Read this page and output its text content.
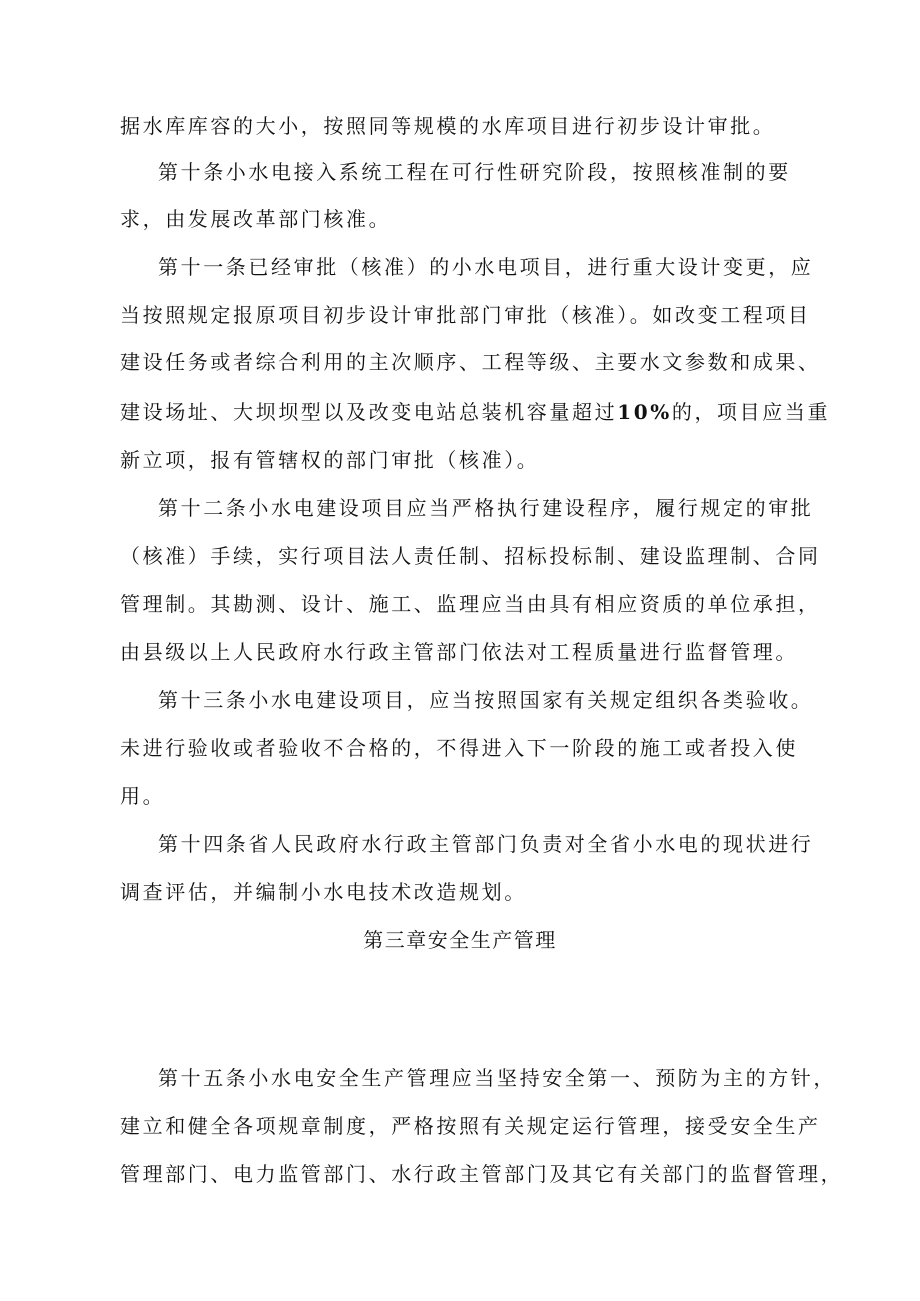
据水库库容的大小，按照同等规模的水库项目进行初步设计审批。
第十条小水电接入系统工程在可行性研究阶段，按照核准制的要
求，由发展改革部门核准。
第十一条已经审批（核准）的小水电项目，进行重大设计变更，应
当按照规定报原项目初步设计审批部门审批（核准）。如改变工程项目
建设任务或者综合利用的主次顺序、工程等级、主要水文参数和成果、
建设场址、大坝坝型以及改变电站总装机容量超过10%的，项目应当重
新立项，报有管辖权的部门审批（核准）。
第十二条小水电建设项目应当严格执行建设程序，履行规定的审批
（核准）手续，实行项目法人责任制、招标投标制、建设监理制、合同
管理制。其勘测、设计、施工、监理应当由具有相应资质的单位承担，
由县级以上人民政府水行政主管部门依法对工程质量进行监督管理。
第十三条小水电建设项目，应当按照国家有关规定组织各类验收。
未进行验收或者验收不合格的，不得进入下一阶段的施工或者投入使
用。
第十四条省人民政府水行政主管部门负责对全省小水电的现状进行
调查评估，并编制小水电技术改造规划。
第三章安全生产管理
第十五条小水电安全生产管理应当坚持安全第一、预防为主的方针，
建立和健全各项规章制度，严格按照有关规定运行管理，接受安全生产
管理部门、电力监管部门、水行政主管部门及其它有关部门的监督管理，
